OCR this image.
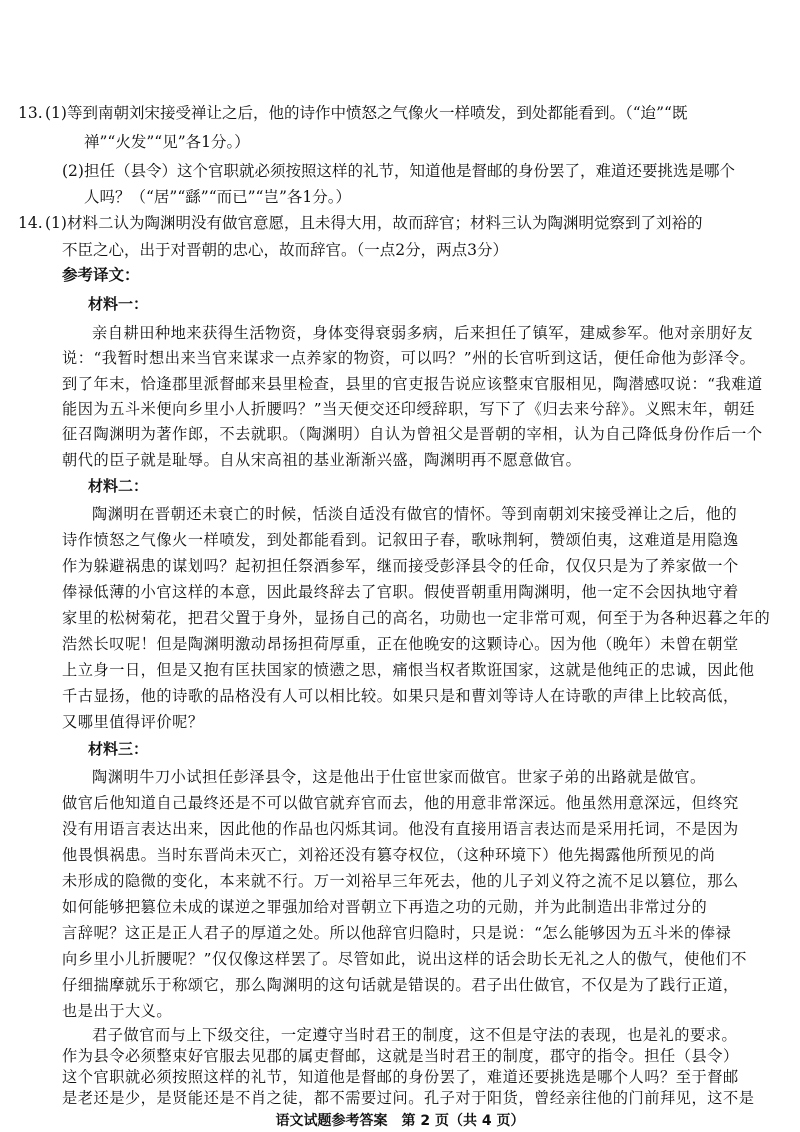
13. (1)等到南朝刘宋接受禅让之后，他的诗作中愤怒之气像火一样喷发，到处都能看到。（“迨”“既
禅”“火发”“见”各1分。）
(2)担任（县令）这个官职就必须按照这样的礼节，知道他是督邮的身份罢了，难道还要挑选是哪个
人吗？（“居”“繇”“而已”“岂”各1分。）
14. (1)材料二认为陶渊明没有做官意愿，且未得大用，故而辞官；材料三认为陶渊明觉察到了刘裕的
不臣之心，出于对晋朝的忠心，故而辞官。（一点2分，两点3分）
参考译文：
材料一：
亲自耕田种地来获得生活物资，身体变得衰弱多病，后来担任了镇军，建威参军。他对亲朋好友
说：“我暂时想出来当官来谋求一点养家的物资，可以吗？”州的长官听到这话，便任命他为彭泽令。
到了年末，恰逢郡里派督邮来县里检查，县里的官吏报告说应该整束官服相见，陶潜感叹说：“我难道
能因为五斗米便向乡里小人折腰吗？”当天便交还印绶辞职，写下了《归去来兮辞》。义熙末年，朝廷
征召陶渊明为著作郎，不去就职。（陶渊明）自认为曾祖父是晋朝的宰相，认为自己降低身份作后一个
朝代的臣子就是耻辱。自从宋高祖的基业渐渐兴盛，陶渊明再不愿意做官。
材料二：
陶渊明在晋朝还未衰亡的时候，恬淡自适没有做官的情怀。等到南朝刘宋接受禅让之后，他的
诗作愤怒之气像火一样喷发，到处都能看到。记叙田子春，歌咏荆轲，赞颂伯夷，这难道是用隐逸
作为躲避祸患的谋划吗？起初担任祭酒参军，继而接受彭泽县令的任命，仅仅只是为了养家做一个
俸禄低薄的小官这样的本意，因此最终辞去了官职。假使晋朝重用陶渊明，他一定不会因执地守着
家里的松树菊花，把君父置于身外，显扬自己的高名，功勋也一定非常可观，何至于为各种迟暮之年的
浩然长叹呢！但是陶渊明激动昂扬担荷厚重，正在他晚安的这颗诗心。因为他（晚年）未曾在朝堂
上立身一日，但是又抱有匡扶国家的愤懑之思，痛恨当权者欺诳国家，这就是他纯正的忠诚，因此他
千古显扬，他的诗歌的品格没有人可以相比较。如果只是和曹刘等诗人在诗歌的声律上比较高低，
又哪里值得评价呢？
材料三：
陶渊明牛刀小试担任彭泽县令，这是他出于仕宦世家而做官。世家子弟的出路就是做官。
做官后他知道自己最终还是不可以做官就弃官而去，他的用意非常深远。他虽然用意深远，但终究
没有用语言表达出来，因此他的作品也闪烁其词。他没有直接用语言表达而是采用托词，不是因为
他畏惧祸患。当时东晋尚未灭亡，刘裕还没有篡夺权位，（这种环境下）他先揭露他所预见的尚
未形成的隐微的变化，本来就不行。万一刘裕早三年死去，他的儿子刘义符之流不足以篡位，那么
如何能够把篡位未成的谋逆之罪强加给对晋朝立下再造之功的元勋，并为此制造出非常过分的
言辞呢？这正是正人君子的厚道之处。所以他辞官归隐时，只是说：“怎么能够因为五斗米的俸禄
向乡里小儿折腰呢？”仅仅像这样罢了。尽管如此，说出这样的话会助长无礼之人的傲气，使他们不
仔细揣摩就乐于称颂它，那么陶渊明的这句话就是错误的。君子出仕做官，不仅是为了践行正道，
也是出于大义。
君子做官而与上下级交往，一定遵守当时君王的制度，这不但是守法的表现，也是礼的要求。
作为县令必须整束好官服去见郡的属吏督邮，这就是当时君王的制度，郡守的指令。担任（县令）
语文试题参考答案　第 2 页（共 4 页）
这个官职就必须按照这样的礼节，知道他是督邮的身份罢了，难道还要挑选是哪个人吗？至于督邮
是老还是少，是贤能还是不肖之徒，都不需要过问。孔子对于阳货，曾经亲往他的门前拜见，这不是
